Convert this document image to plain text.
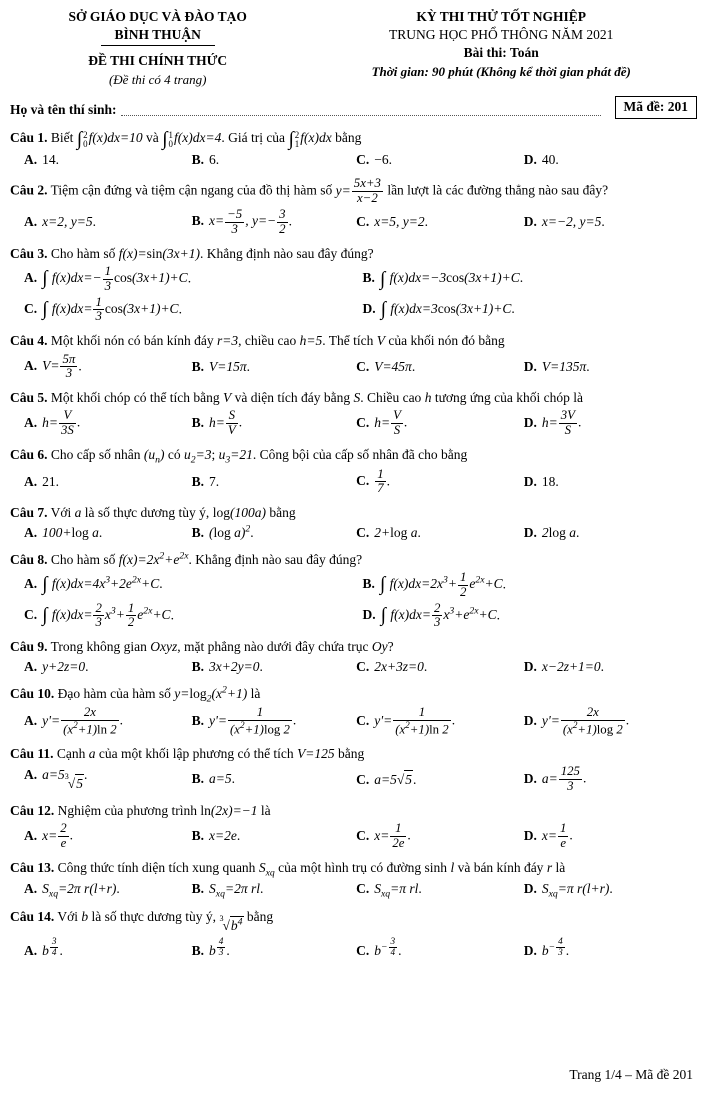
SỞ GIÁO DỤC VÀ ĐÀO TẠO
BÌNH THUẬN
ĐỀ THI CHÍNH THỨC
(Đề thi có 4 trang)
KỲ THI THỬ TỐT NGHIỆP
TRUNG HỌC PHỔ THÔNG NĂM 2021
Bài thi: Toán
Thời gian: 90 phút (Không kể thời gian phát đề)
Họ và tên thí sinh:	Mã đề: 201

Câu 1. Biết ∫ 2
0 f(x)dx=10 và ∫ 1
0 f(x)dx=4. Giá trị của ∫ 2
1 f(x)dx bằng

A. 14.	B. 6.	C. −6.	D. 40.

Câu 2. Tiệm cận đứng và tiệm cận ngang của đồ thị hàm số $y= \frac{5x+3}{x-2}$ lần lượt là các đường thẳng nào sau đây?

A. x=2, y=5.	B. $x= \frac{-5}{3}$ , $y=- \frac{3}{2}$ .	C. x=5, y=2.	D. x=−2, y=5.

Câu 3. Cho hàm số f(x)=sin(3x+1). Khẳng định nào sau đây đúng?

A. ∫ $f(x)dx=- \frac{1}{3} \cos(3x+1)+C$.	B. ∫ f(x)dx=−3cos(3x+1)+C.
C. ∫ $f(x)dx= \frac{1}{3} \cos(3x+1)+C$.	D. ∫ f(x)dx=3cos(3x+1)+C.

Câu 4. Một khối nón có bán kính đáy r=3, chiều cao h=5. Thể tích V của khối nón đó bằng

A. $V= \frac{5\pi}{3}$ .	B. V=15π.	C. V=45π.	D. V=135π.

Câu 5. Một khối chóp có thể tích bằng V và diện tích đáy bằng S. Chiều cao h tương ứng của khối chóp là

A. $h= \frac{V}{3S}$ .	B. $h= \frac{S}{V}$ .	C. $h= \frac{V}{S}$ .	D. $h= \frac{3V}{S}$ .

Câu 6. Cho cấp số nhân $(u_n)$ có $u_2=3$; $u_3=21$. Công bội của cấp số nhân đã cho bằng

A. 21.	B. 7.	C. $\frac{1}{7}$ .	D. 18.

Câu 7. Với a là số thực dương tùy ý, log(100a) bằng

A. 100+log a.	B. (log a)$^2$.	C. 2+log a.	D. 2log a.

Câu 8. Cho hàm số $f(x)=2x^2+e^{2x}$. Khẳng định nào sau đây đúng?

A. ∫ $f(x)dx=4x^3+2e^{2x}+C$.	B. ∫ $f(x)dx=2x^3+ \frac{1}{2} e^{2x}+C$.
C. ∫ $f(x)dx= \frac{2}{3} x^3+ \frac{1}{2} e^{2x}+C$.	D. ∫ $f(x)dx= \frac{2}{3} x^3+e^{2x}+C$.

Câu 9. Trong không gian Oxyz, mặt phẳng nào dưới đây chứa trục Oy?

A. y+2z=0.	B. 3x+2y=0.	C. 2x+3z=0.	D. x−2z+1=0.

Câu 10. Đạo hàm của hàm số $y=\log_2(x^2+1)$ là

A. $y'= \frac{2x}{(x^2+1)\ln 2}$ .	B. $y'= \frac{1}{(x^2+1)\log 2}$ .	C. $y'= \frac{1}{(x^2+1)\ln 2}$ .	D. $y'= \frac{2x}{(x^2+1)\log 2}$ .

Câu 11. Cạnh a của một khối lập phương có thể tích V=125 bằng

A. a=5 3 √ 5
.	B. a=5.	C. a=5 √ 5 .	D. $a= \frac{125}{3}$ .

Câu 12. Nghiệm của phương trình ln(2x)=−1 là

A. $x= \frac{2}{e}$ .	B. x=2e.	C. $x= \frac{1}{2e}$ .	D. $x= \frac{1}{e}$ .

Câu 13. Công thức tính diện tích xung quanh $S_{xq}$ của một hình trụ có đường sinh l và bán kính đáy r là

A. $S_{xq}=2\pi$ r(l+r).	B. $S_{xq}=2\pi$ rl.	C. $S_{xq}=\pi$ rl.	D. $S_{xq}=\pi$ r(l+r).

Câu 14. Với b là số thực dương tùy ý, 3 √ $b^4$ bằng

A. b $^{\frac{3}{4}}$ .	B. b $^{\frac{4}{3}}$ .	C. $b^{- \frac{3}{4}}$ .	D. $b^{- \frac{4}{3}}$ .
Trang 1/4 – Mã đề 201
